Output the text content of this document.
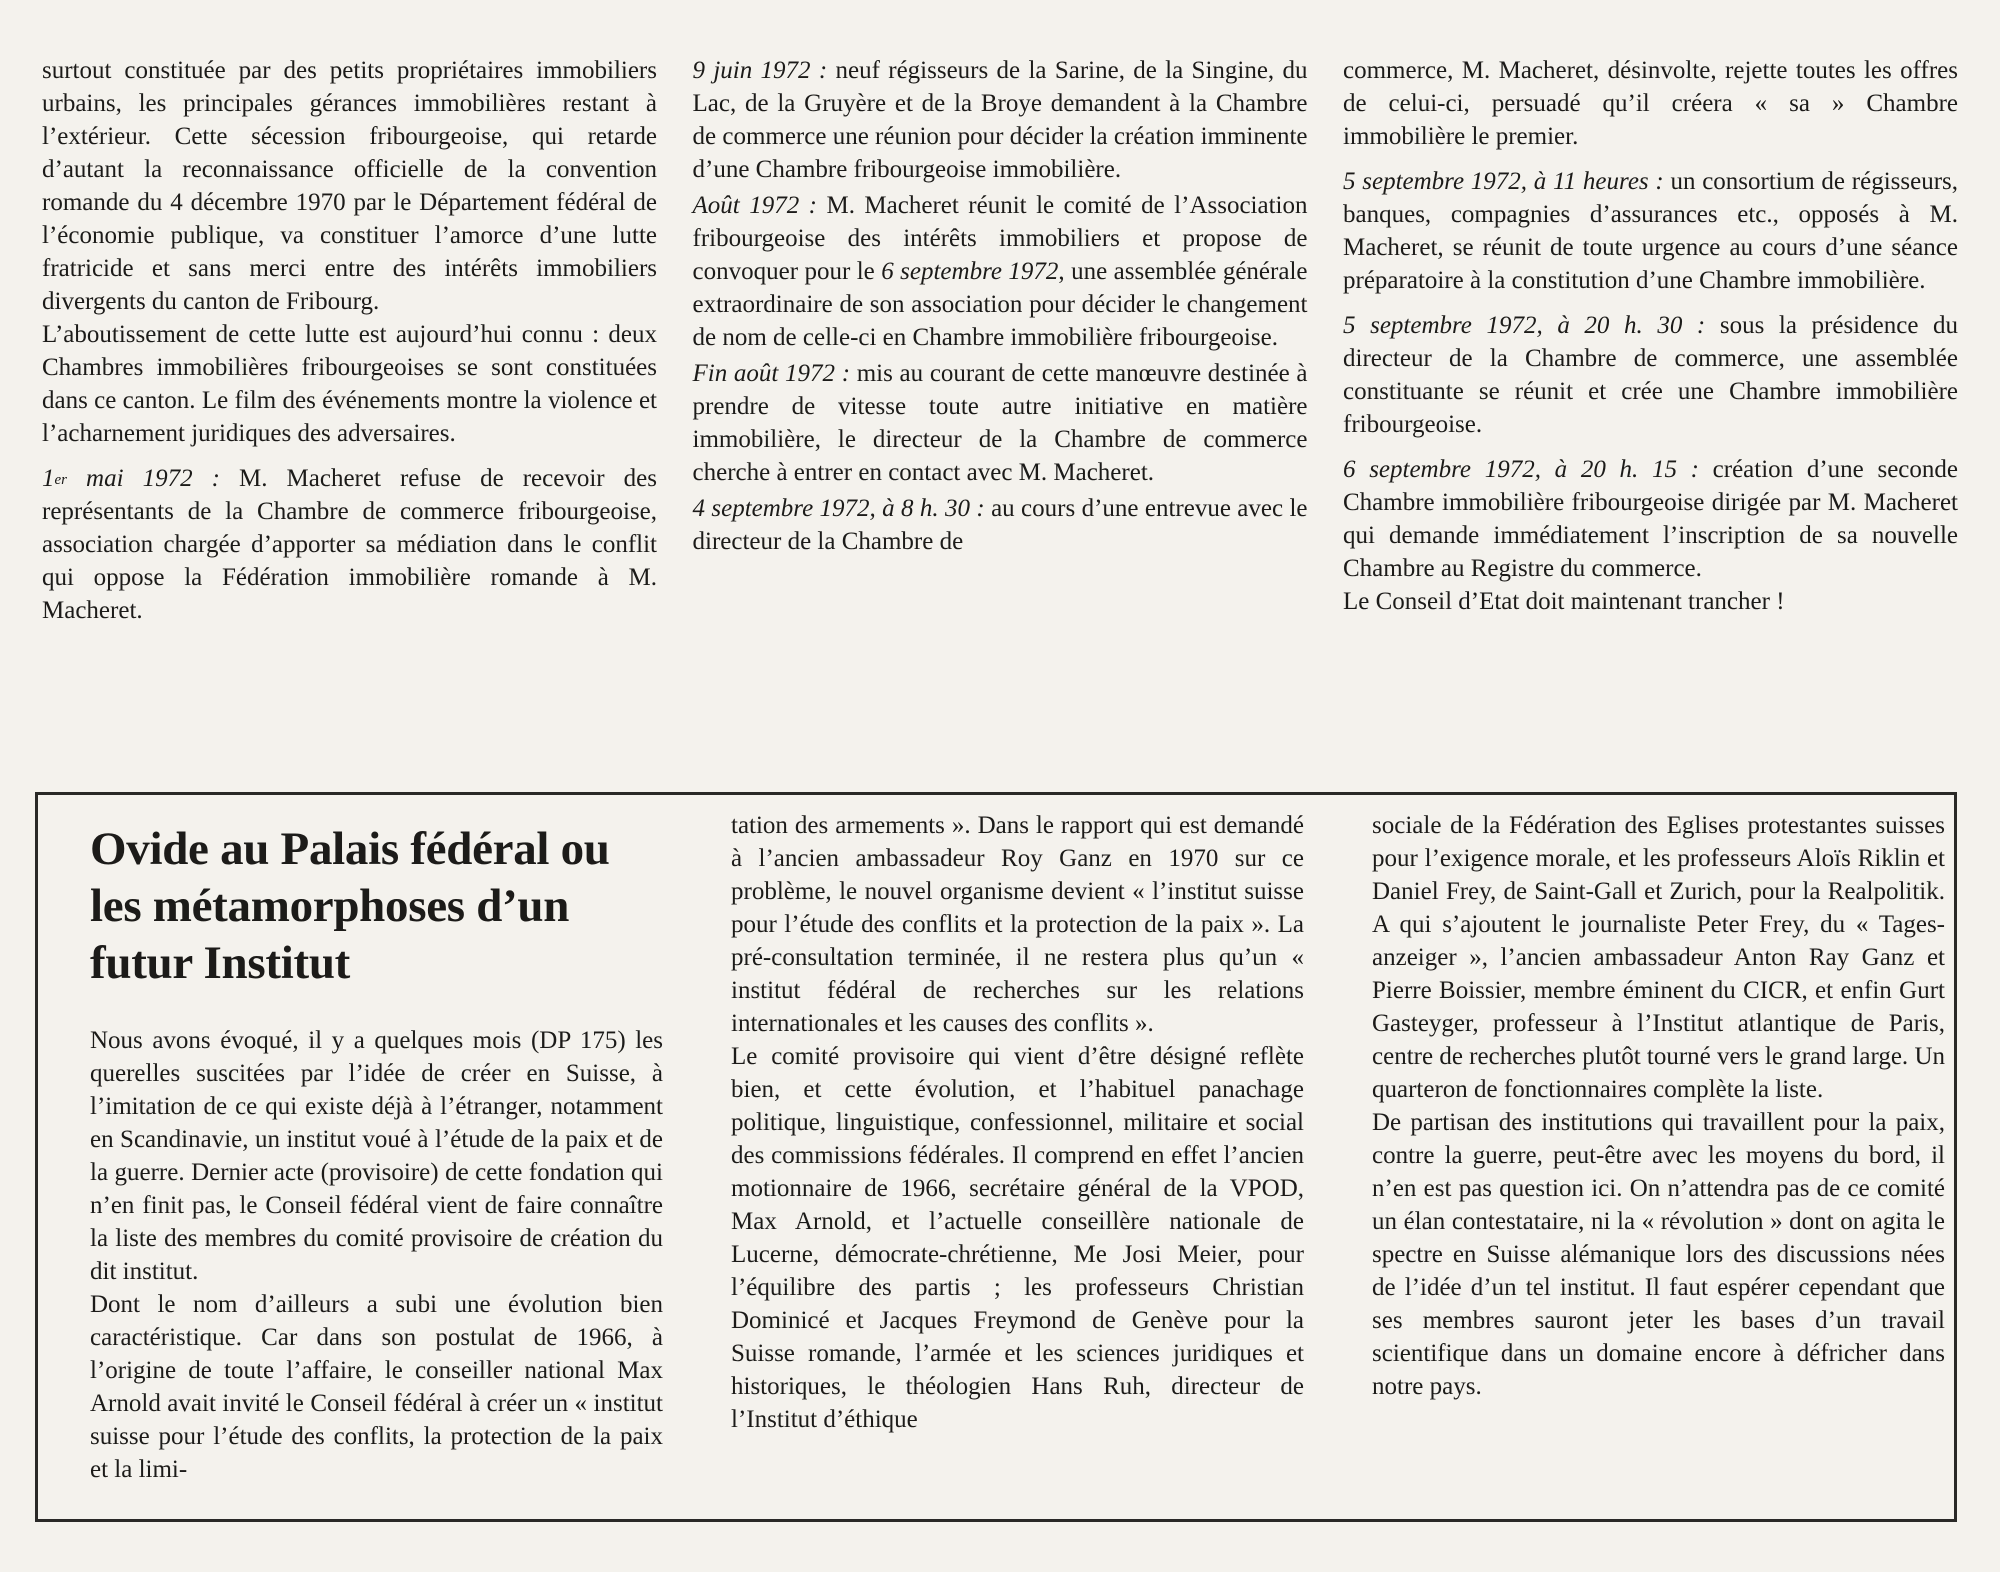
surtout constituée par des petits propriétaires immobiliers urbains, les principales gérances immobilières restant à l’extérieur. Cette sécession fribourgeoise, qui retarde d’autant la reconnaissance officielle de la convention romande du 4 décembre 1970 par le Département fédéral de l’économie publique, va constituer l’amorce d’une lutte fratricide et sans merci entre des intérêts immobiliers divergents du canton de Fribourg.

L’aboutissement de cette lutte est aujourd’hui connu : deux Chambres immobilières fribourgeoises se sont constituées dans ce canton. Le film des événements montre la violence et l’acharnement juridiques des adversaires.

1er mai 1972 : M. Macheret refuse de recevoir des représentants de la Chambre de commerce fribourgeoise, association chargée d’apporter sa médiation dans le conflit qui oppose la Fédération immobilière romande à M. Macheret.

9 juin 1972 : neuf régisseurs de la Sarine, de la Singine, du Lac, de la Gruyère et de la Broye demandent à la Chambre de commerce une réunion pour décider la création imminente d’une Chambre fribourgeoise immobilière.

Août 1972 : M. Macheret réunit le comité de l’Association fribourgeoise des intérêts immobiliers et propose de convoquer pour le 6 septembre 1972, une assemblée générale extraordinaire de son association pour décider le changement de nom de celle-ci en Chambre immobilière fribourgeoise.

Fin août 1972 : mis au courant de cette manœuvre destinée à prendre de vitesse toute autre initiative en matière immobilière, le directeur de la Chambre de commerce cherche à entrer en contact avec M. Macheret.

4 septembre 1972, à 8 h. 30 : au cours d’une entrevue avec le directeur de la Chambre de

commerce, M. Macheret, désinvolte, rejette toutes les offres de celui-ci, persuadé qu’il créera « sa » Chambre immobilière le premier.

5 septembre 1972, à 11 heures : un consortium de régisseurs, banques, compagnies d’assurances etc., opposés à M. Macheret, se réunit de toute urgence au cours d’une séance préparatoire à la constitution d’une Chambre immobilière.

5 septembre 1972, à 20 h. 30 : sous la présidence du directeur de la Chambre de commerce, une assemblée constituante se réunit et crée une Chambre immobilière fribourgeoise.

6 septembre 1972, à 20 h. 15 : création d’une seconde Chambre immobilière fribourgeoise dirigée par M. Macheret qui demande immédiatement l’inscription de sa nouvelle Chambre au Registre du commerce.

Le Conseil d’Etat doit maintenant trancher !

Ovide au Palais fédéral ou les métamorphoses d’un futur Institut

Nous avons évoqué, il y a quelques mois (DP 175) les querelles suscitées par l’idée de créer en Suisse, à l’imitation de ce qui existe déjà à l’étranger, notamment en Scandinavie, un institut voué à l’étude de la paix et de la guerre. Dernier acte (provisoire) de cette fondation qui n’en finit pas, le Conseil fédéral vient de faire connaître la liste des membres du comité provisoire de création du dit institut.

Dont le nom d’ailleurs a subi une évolution bien caractéristique. Car dans son postulat de 1966, à l’origine de toute l’affaire, le conseiller national Max Arnold avait invité le Conseil fédéral à créer un « institut suisse pour l’étude des conflits, la protection de la paix et la limi-

tation des armements ». Dans le rapport qui est demandé à l’ancien ambassadeur Roy Ganz en 1970 sur ce problème, le nouvel organisme devient « l’institut suisse pour l’étude des conflits et la protection de la paix ». La pré-consultation terminée, il ne restera plus qu’un « institut fédéral de recherches sur les relations internationales et les causes des conflits ».

Le comité provisoire qui vient d’être désigné reflète bien, et cette évolution, et l’habituel panachage politique, linguistique, confessionnel, militaire et social des commissions fédérales. Il comprend en effet l’ancien motionnaire de 1966, secrétaire général de la VPOD, Max Arnold, et l’actuelle conseillère nationale de Lucerne, démocrate-chrétienne, Me Josi Meier, pour l’équilibre des partis ; les professeurs Christian Dominicé et Jacques Freymond de Genève pour la Suisse romande, l’armée et les sciences juridiques et historiques, le théologien Hans Ruh, directeur de l’Institut d’éthique

sociale de la Fédération des Eglises protestantes suisses pour l’exigence morale, et les professeurs Aloïs Riklin et Daniel Frey, de Saint-Gall et Zurich, pour la Realpolitik. A qui s’ajoutent le journaliste Peter Frey, du « Tages-anzeiger », l’ancien ambassadeur Anton Ray Ganz et Pierre Boissier, membre éminent du CICR, et enfin Gurt Gasteyger, professeur à l’Institut atlantique de Paris, centre de recherches plutôt tourné vers le grand large. Un quarteron de fonctionnaires complète la liste.

De partisan des institutions qui travaillent pour la paix, contre la guerre, peut-être avec les moyens du bord, il n’en est pas question ici. On n’attendra pas de ce comité un élan contestataire, ni la « révolution » dont on agita le spectre en Suisse alémanique lors des discussions nées de l’idée d’un tel institut. Il faut espérer cependant que ses membres sauront jeter les bases d’un travail scientifique dans un domaine encore à défricher dans notre pays.
